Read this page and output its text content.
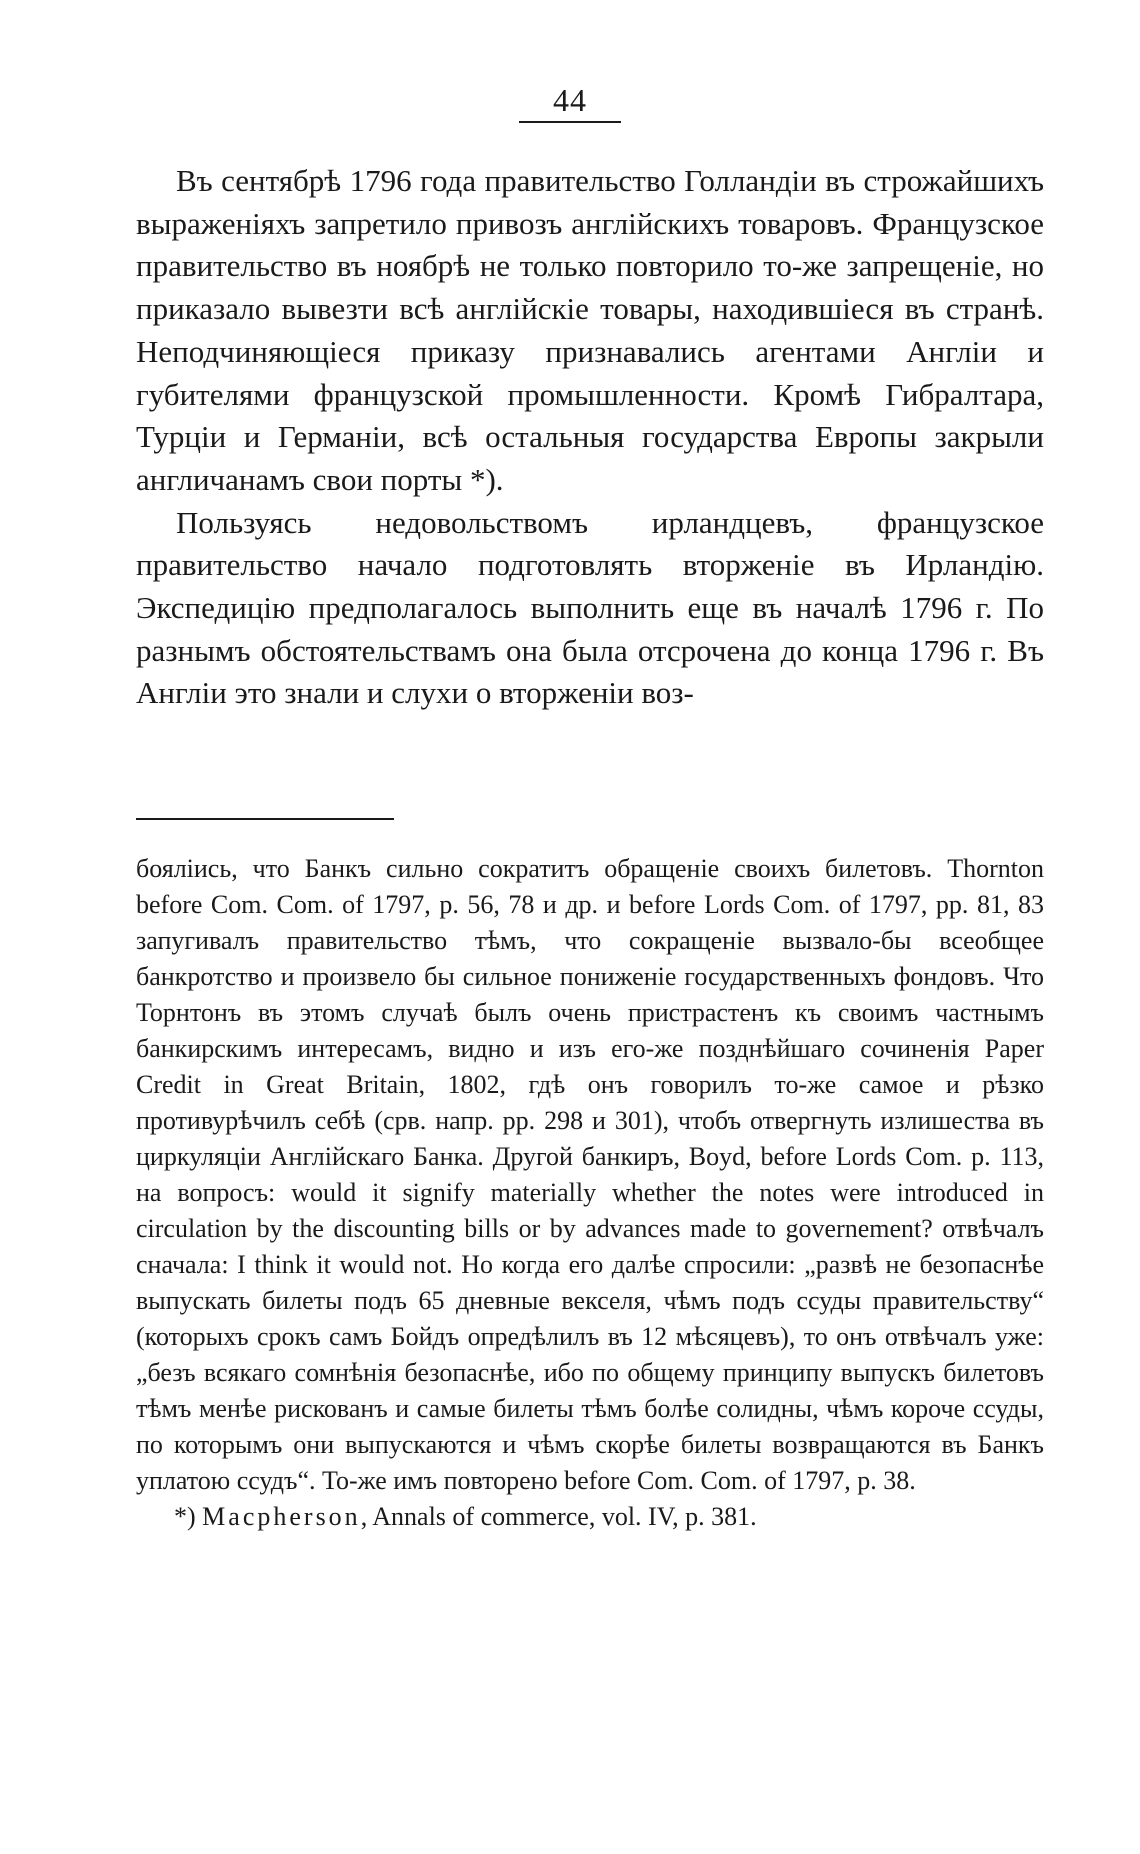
44

Въ сентябрѣ 1796 года правительство Голландіи въ строжайшихъ выраженіяхъ запретило привозъ англійскихъ товаровъ. Французское правительство въ ноябрѣ не только повторило то-же запрещеніе, но приказало вывезти всѣ англійскіе товары, находившіеся въ странѣ. Неподчиняющіеся приказу признавались агентами Англіи и губителями французской промышленности. Кромѣ Гибралтара, Турціи и Германіи, всѣ остальныя государства Европы закрыли англичанамъ свои порты *).

Пользуясь недовольствомъ ирландцевъ, французское правительство начало подготовлять вторженіе въ Ирландію. Экспедицію предполагалось выполнить еще въ началѣ 1796 г. По разнымъ обстоятельствамъ она была отсрочена до конца 1796 г. Въ Англіи это знали и слухи о вторженіи воз-

бояліись, что Банкъ сильно сократитъ обращеніе своихъ билетовъ. Thornton before Com. Com. of 1797, p. 56, 78 и др. и before Lords Com. of 1797, pp. 81, 83 запугивалъ правительство тѣмъ, что сокращеніе вызвало-бы всеобщее банкротство и произвело бы сильное пониженіе государственныхъ фондовъ. Что Торнтонъ въ этомъ случаѣ былъ очень пристрастенъ къ своимъ частнымъ банкирскимъ интересамъ, видно и изъ его-же позднѣйшаго сочиненія Paper Credit in Great Britain, 1802, гдѣ онъ говорилъ то-же самое и рѣзко противурѣчилъ себѣ (срв. напр. pp. 298 и 301), чтобъ отвергнуть излишества въ циркуляціи Англійскаго Банка. Другой банкиръ, Boyd, before Lords Com. p. 113, на вопросъ: would it signify materially whether the notes were introduced in circulation by the discounting bills or by advances made to governement? отвѣчалъ сначала: I think it would not. Но когда его далѣе спросили: „развѣ не безопаснѣе выпускать билеты подъ 65 дневные векселя, чѣмъ подъ ссуды правительству“ (которыхъ срокъ самъ Бойдъ опредѣлилъ въ 12 мѣсяцевъ), то онъ отвѣчалъ уже: „безъ всякаго сомнѣнія безопаснѣе, ибо по общему принципу выпускъ билетовъ тѣмъ менѣе рискованъ и самые билеты тѣмъ болѣе солидны, чѣмъ короче ссуды, по которымъ они выпускаются и чѣмъ скорѣе билеты возвращаются въ Банкъ уплатою ссудъ“. То-же имъ повторено before Com. Com. of 1797, p. 38.

*) Macpherson, Annals of commerce, vol. IV, p. 381.
